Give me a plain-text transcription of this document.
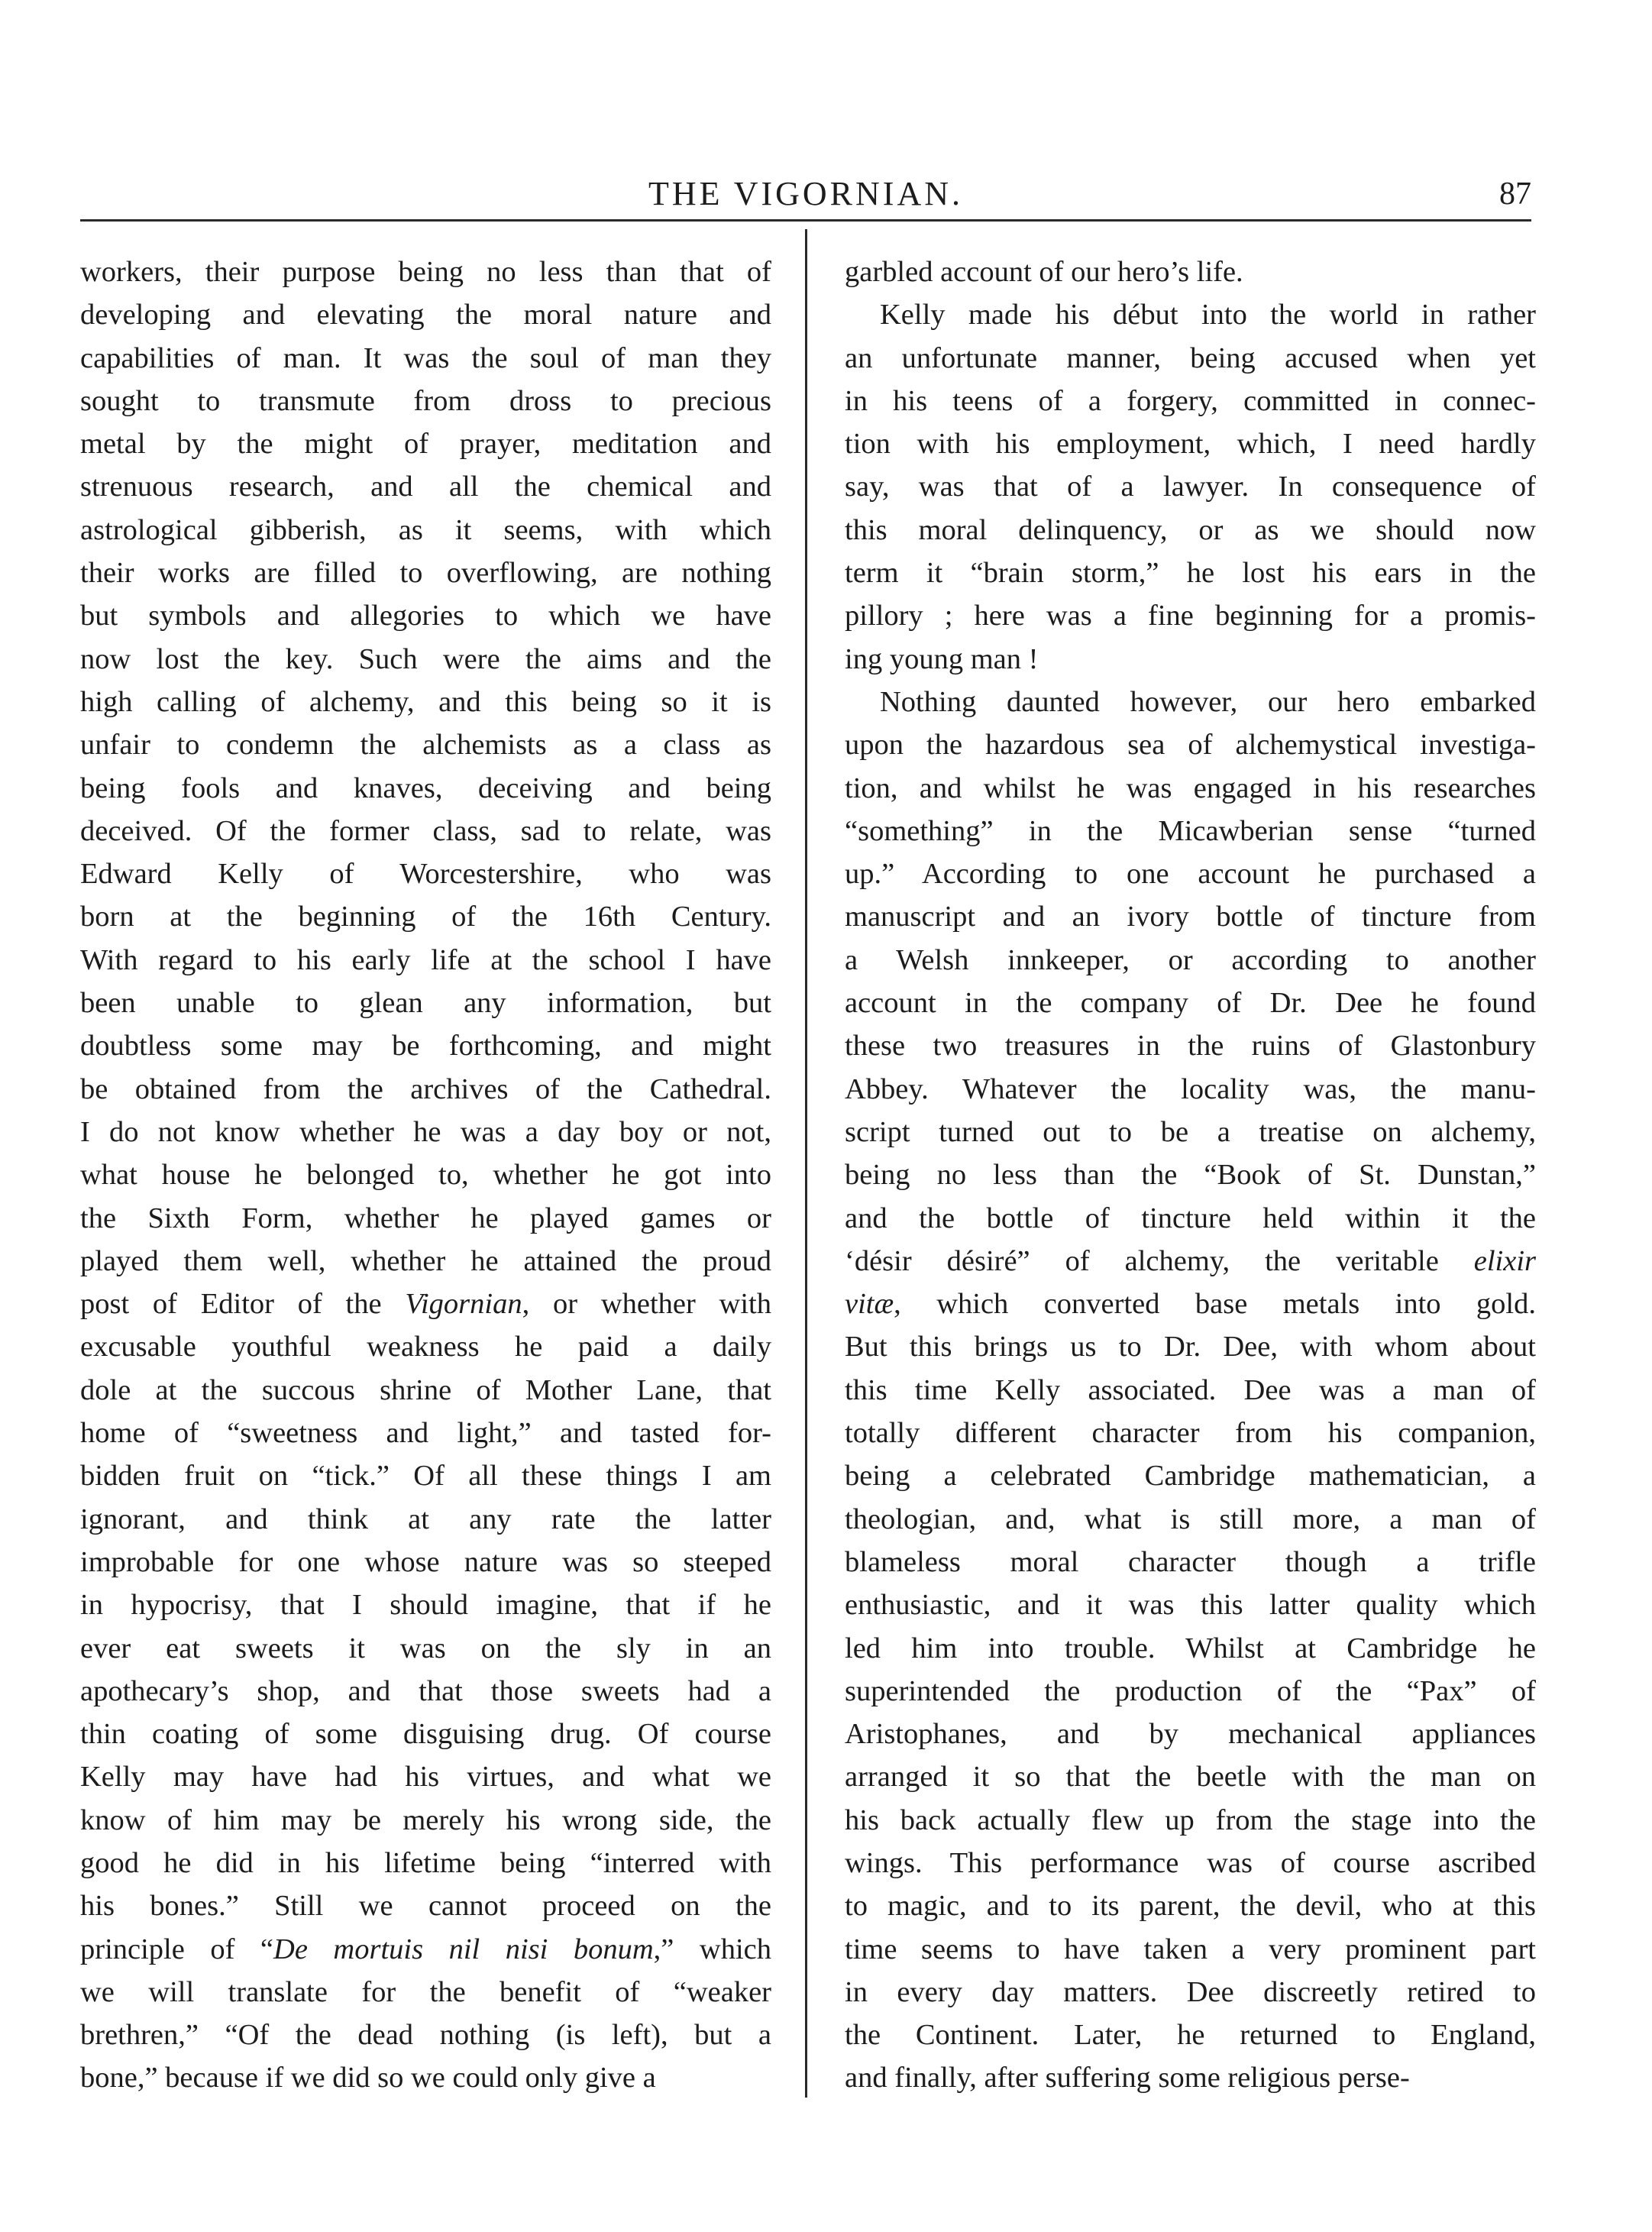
THE VIGORNIAN.	87
workers, their purpose being no less than that of
developing and elevating the moral nature and
capabilities of man. It was the soul of man they
sought to transmute from dross to precious
metal by the might of prayer, meditation and
strenuous research, and all the chemical and
astrological gibberish, as it seems, with which
their works are filled to overflowing, are nothing
but symbols and allegories to which we have
now lost the key. Such were the aims and the
high calling of alchemy, and this being so it is
unfair to condemn the alchemists as a class as
being fools and knaves, deceiving and being
deceived. Of the former class, sad to relate, was
Edward Kelly of Worcestershire, who was
born at the beginning of the 16th Century.
With regard to his early life at the school I have
been unable to glean any information, but
doubtless some may be forthcoming, and might
be obtained from the archives of the Cathedral.
I do not know whether he was a day boy or not,
what house he belonged to, whether he got into
the Sixth Form, whether he played games or
played them well, whether he attained the proud
post of Editor of the Vigornian, or whether with
excusable youthful weakness he paid a daily
dole at the succous shrine of Mother Lane, that
home of “sweetness and light,” and tasted for-
bidden fruit on “tick.” Of all these things I am
ignorant, and think at any rate the latter
improbable for one whose nature was so steeped
in hypocrisy, that I should imagine, that if he
ever eat sweets it was on the sly in an
apothecary’s shop, and that those sweets had a
thin coating of some disguising drug. Of course
Kelly may have had his virtues, and what we
know of him may be merely his wrong side, the
good he did in his lifetime being “interred with
his bones.” Still we cannot proceed on the
principle of “De mortuis nil nisi bonum,” which
we will translate for the benefit of “weaker
brethren,” “Of the dead nothing (is left), but a
bone,” because if we did so we could only give a
garbled account of our hero’s life.
Kelly made his début into the world in rather
an unfortunate manner, being accused when yet
in his teens of a forgery, committed in connec-
tion with his employment, which, I need hardly
say, was that of a lawyer. In consequence of
this moral delinquency, or as we should now
term it “brain storm,” he lost his ears in the
pillory ; here was a fine beginning for a promis-
ing young man !
Nothing daunted however, our hero embarked
upon the hazardous sea of alchemystical investiga-
tion, and whilst he was engaged in his researches
“something” in the Micawberian sense “turned
up.” According to one account he purchased a
manuscript and an ivory bottle of tincture from
a Welsh innkeeper, or according to another
account in the company of Dr. Dee he found
these two treasures in the ruins of Glastonbury
Abbey. Whatever the locality was, the manu-
script turned out to be a treatise on alchemy,
being no less than the “Book of St. Dunstan,”
and the bottle of tincture held within it the
‘désir désiré” of alchemy, the veritable elixir
vitæ, which converted base metals into gold.
But this brings us to Dr. Dee, with whom about
this time Kelly associated. Dee was a man of
totally different character from his companion,
being a celebrated Cambridge mathematician, a
theologian, and, what is still more, a man of
blameless moral character though a trifle
enthusiastic, and it was this latter quality which
led him into trouble. Whilst at Cambridge he
superintended the production of the “Pax” of
Aristophanes, and by mechanical appliances
arranged it so that the beetle with the man on
his back actually flew up from the stage into the
wings. This performance was of course ascribed
to magic, and to its parent, the devil, who at this
time seems to have taken a very prominent part
in every day matters. Dee discreetly retired to
the Continent. Later, he returned to England,
and finally, after suffering some religious perse-
